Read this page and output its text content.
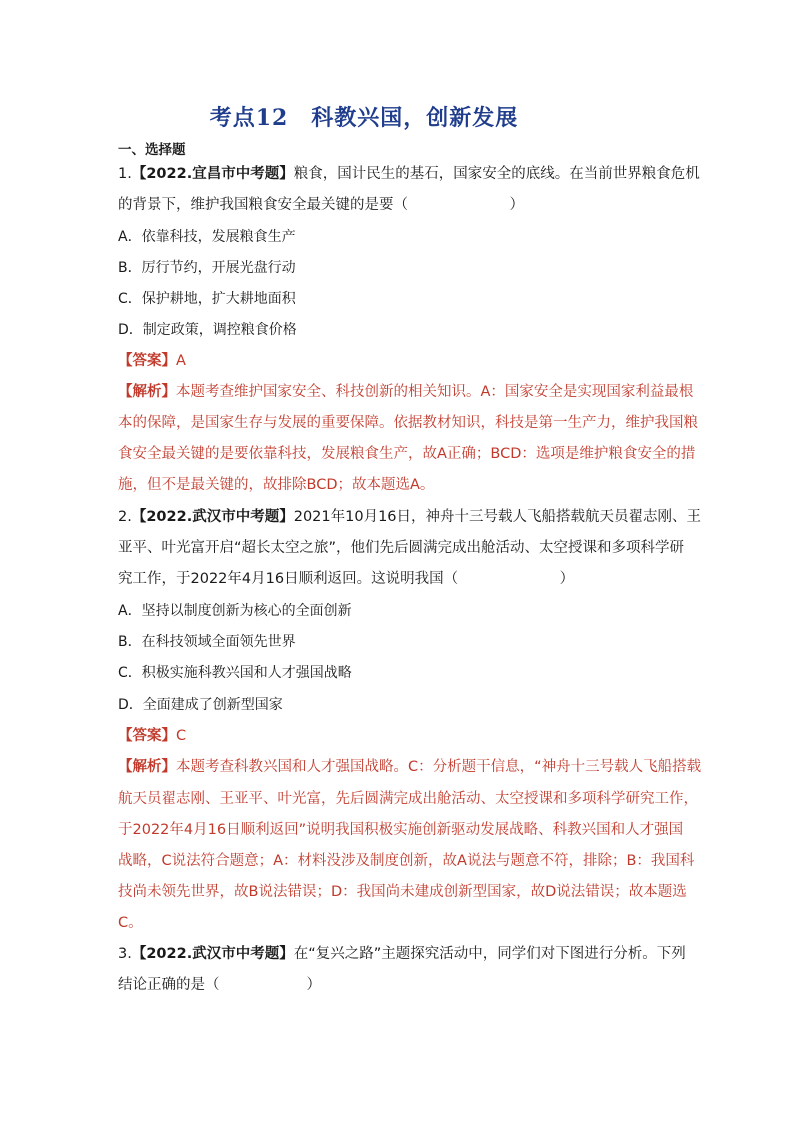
考点12　科教兴国，创新发展
一、选择题
1.【2022.宜昌市中考题】粮食，国计民生的基石，国家安全的底线。在当前世界粮食危机
的背景下，维护我国粮食安全最关键的是要（　　　　　　　）
A．依靠科技，发展粮食生产
B．厉行节约，开展光盘行动
C．保护耕地，扩大耕地面积
D．制定政策，调控粮食价格
【答案】A
【解析】本题考查维护国家安全、科技创新的相关知识。A：国家安全是实现国家利益最根
本的保障，是国家生存与发展的重要保障。依据教材知识，科技是第一生产力，维护我国粮
食安全最关键的是要依靠科技，发展粮食生产，故A正确；BCD：选项是维护粮食安全的措
施，但不是最关键的，故排除BCD；故本题选A。
2.【2022.武汉市中考题】2021年10月16日，神舟十三号载人飞船搭载航天员翟志刚、王
亚平、叶光富开启“超长太空之旅”，他们先后圆满完成出舱活动、太空授课和多项科学研
究工作，于2022年4月16日顺利返回。这说明我国（　　　　　　　）
A．坚持以制度创新为核心的全面创新
B．在科技领域全面领先世界
C．积极实施科教兴国和人才强国战略
D．全面建成了创新型国家
【答案】C
【解析】本题考查科教兴国和人才强国战略。C：分析题干信息，“神舟十三号载人飞船搭载
航天员翟志刚、王亚平、叶光富，先后圆满完成出舱活动、太空授课和多项科学研究工作，
于2022年4月16日顺利返回”说明我国积极实施创新驱动发展战略、科教兴国和人才强国
战略，C说法符合题意；A：材料没涉及制度创新，故A说法与题意不符，排除；B：我国科
技尚未领先世界，故B说法错误；D：我国尚未建成创新型国家，故D说法错误；故本题选
C。
3.【2022.武汉市中考题】在“复兴之路”主题探究活动中，同学们对下图进行分析。下列
结论正确的是（　　　　　　）
